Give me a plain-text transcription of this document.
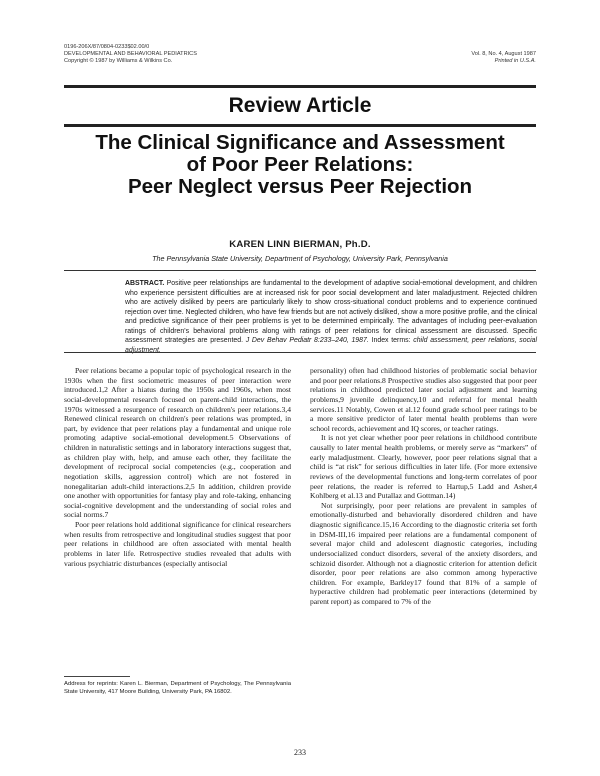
0196-206X/87/0804-0233$02.00/0
DEVELOPMENTAL AND BEHAVIORAL PEDIATRICS
Copyright © 1987 by Williams & Wilkins Co.
Vol. 8, No. 4, August 1987
Printed in U.S.A.
Review Article
The Clinical Significance and Assessment
of Poor Peer Relations:
Peer Neglect versus Peer Rejection
KAREN LINN BIERMAN, Ph.D.
The Pennsylvania State University, Department of Psychology, University Park, Pennsylvania
ABSTRACT. Positive peer relationships are fundamental to the development of adaptive social-emotional development, and children who experience persistent difficulties are at increased risk for poor social development and later maladjustment. Rejected children who are actively disliked by peers are particularly likely to show cross-situational conduct problems and to experience continued rejection over time. Neglected children, who have few friends but are not actively disliked, show a more positive profile, and the clinical and predictive significance of their peer problems is yet to be determined empirically. The advantages of including peer-evaluation ratings of children's behavioral problems along with ratings of peer relations for clinical assessment are discussed. Specific assessment strategies are presented. J Dev Behav Pediatr 8:233–240, 1987. Index terms: child assessment, peer relations, social adjustment.

Peer relations became a popular topic of psychological research in the 1930s when the first sociometric measures of peer interaction were introduced.1,2 After a hiatus during the 1950s and 1960s, when most social-developmental research focused on parent-child interactions, the 1970s witnessed a resurgence of research on children's peer relations.3,4 Renewed clinical research on children's peer relations was prompted, in part, by evidence that peer relations play a fundamental and unique role promoting adaptive social-emotional development.5 Observations of children in naturalistic settings and in laboratory interactions suggest that, as children play with, help, and amuse each other, they facilitate the development of reciprocal social competencies (e.g., cooperation and negotiation skills, aggression control) which are not fostered in nonegalitarian adult-child interactions.2,5 In addition, children provide one another with opportunities for fantasy play and role-taking, enhancing social-cognitive development and the understanding of social roles and social norms.7

Poor peer relations hold additional significance for clinical researchers when results from retrospective and longitudinal studies suggest that poor peer relations in childhood are often associated with mental health problems in later life. Retrospective studies revealed that adults with various psychiatric disturbances (especially antisocial

personality) often had childhood histories of problematic social behavior and poor peer relations.8 Prospective studies also suggested that poor peer relations in childhood predicted later social adjustment and learning problems,9 juvenile delinquency,10 and referral for mental health services.11 Notably, Cowen et al.12 found grade school peer ratings to be a more sensitive predictor of later mental health problems than were school records, achievement and IQ scores, or teacher ratings.

It is not yet clear whether poor peer relations in childhood contribute causally to later mental health problems, or merely serve as “markers” of early maladjustment. Clearly, however, poor peer relations signal that a child is “at risk” for serious difficulties in later life. (For more extensive reviews of the developmental functions and long-term correlates of poor peer relations, the reader is referred to Hartup,5 Ladd and Asher,4 Kohlberg et al.13 and Putallaz and Gottman.14)

Not surprisingly, poor peer relations are prevalent in samples of emotionally-disturbed and behaviorally disordered children and have diagnostic significance.15,16 According to the diagnostic criteria set forth in DSM-III,16 impaired peer relations are a fundamental component of several major child and adolescent diagnostic categories, including undersocialized conduct disorders, several of the anxiety disorders, and schizoid disorder. Although not a diagnostic criterion for attention deficit disorder, poor peer relations are also common among hyperactive children. For example, Barkley17 found that 81% of a sample of hyperactive children had problematic peer interactions (determined by parent report) as compared to 7% of the

Address for reprints: Karen L. Bierman, Department of Psychology, The Pennsylvania State University, 417 Moore Building, University Park, PA 16802.
233
